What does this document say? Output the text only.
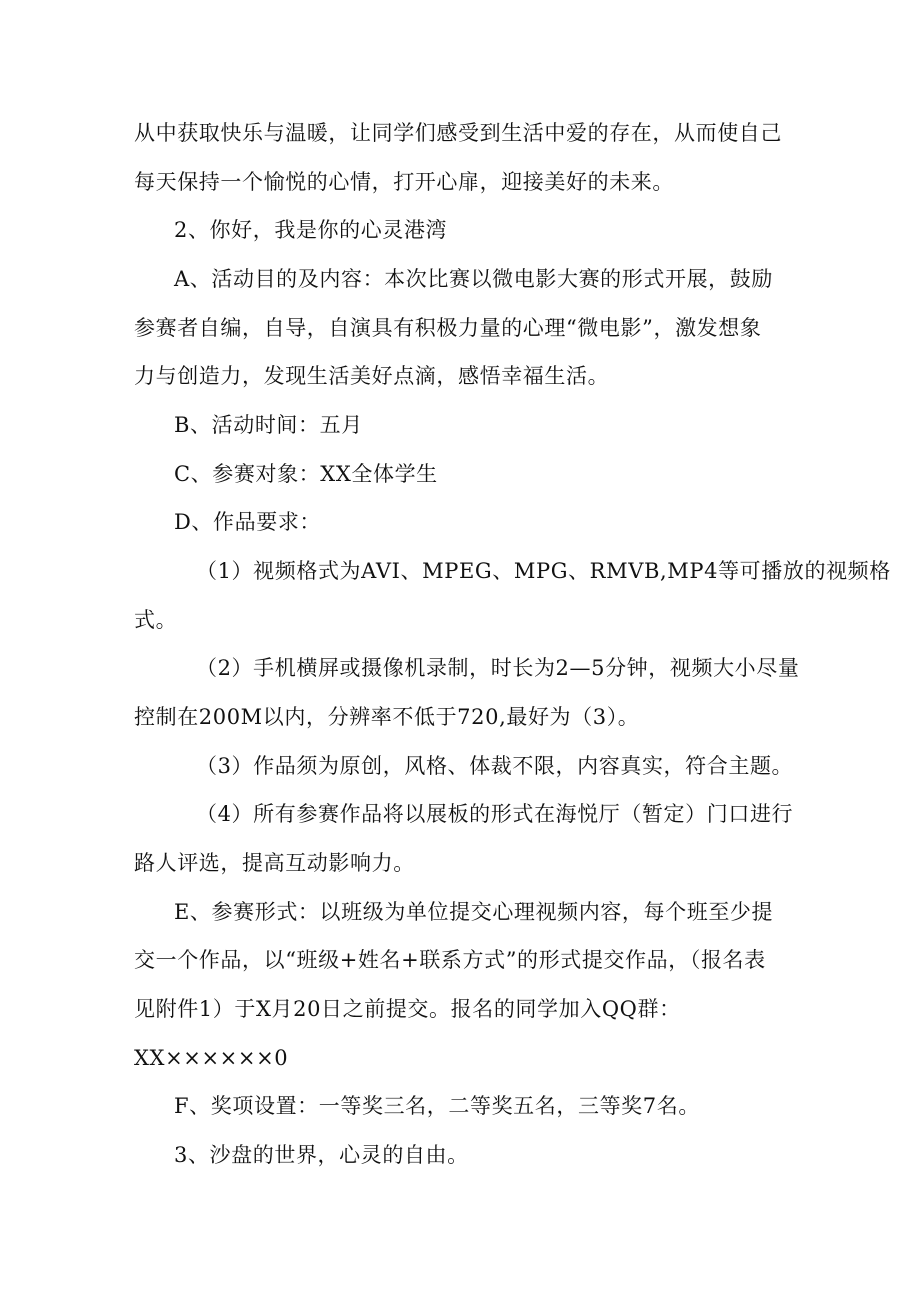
从中获取快乐与温暖，让同学们感受到生活中爱的存在，从而使自己
每天保持一个愉悦的心情，打开心扉，迎接美好的未来。
2、你好，我是你的心灵港湾
A、活动目的及内容：本次比赛以微电影大赛的形式开展，鼓励
参赛者自编，自导，自演具有积极力量的心理“微电影”，激发想象
力与创造力，发现生活美好点滴，感悟幸福生活。
B、活动时间：五月
C、参赛对象：XX全体学生
D、作品要求：
（1）视频格式为AVI、MPEG、MPG、RMVB,MP4等可播放的视频格
式。
（2）手机横屏或摄像机录制，时长为2—5分钟，视频大小尽量
控制在200M以内，分辨率不低于720,最好为（3）。
（3）作品须为原创，风格、体裁不限，内容真实，符合主题。
（4）所有参赛作品将以展板的形式在海悦厅（暂定）门口进行
路人评选，提高互动影响力。
E、参赛形式：以班级为单位提交心理视频内容，每个班至少提
交一个作品，以“班级+姓名+联系方式”的形式提交作品，（报名表
见附件1）于X月20日之前提交。报名的同学加入QQ群：
XX××××××0
F、奖项设置：一等奖三名，二等奖五名，三等奖7名。
3、沙盘的世界，心灵的自由。
